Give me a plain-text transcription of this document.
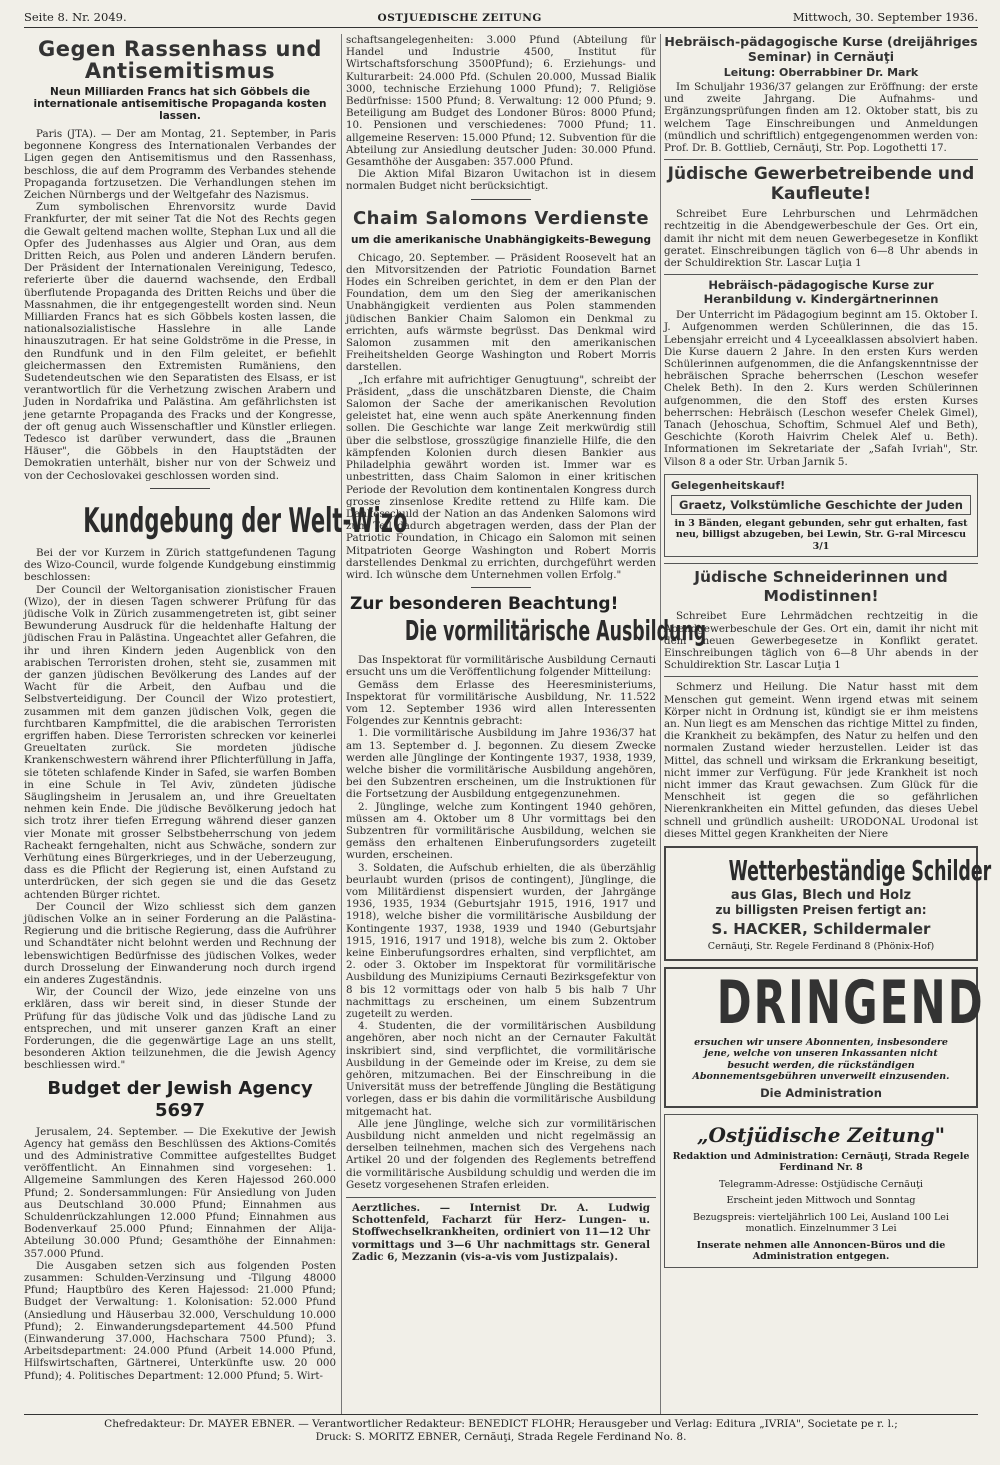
Seite 8. Nr. 2049.	OSTJUEDISCHE ZEITUNG	Mittwoch, 30. September 1936.
Gegen Rassenhass und Antisemitismus
Neun Milliarden Francs hat sich Göbbels die internationale antisemitische Propaganda kosten lassen.

Paris (JTA). — Der am Montag, 21. September, in Paris begonnene Kongress des Internationalen Verbandes der Ligen gegen den Antisemitismus und den Rassenhass, beschloss, die auf dem Programm des Verbandes stehende Propaganda fortzusetzen. Die Verhandlungen stehen im Zeichen Nürnbergs und der Weltgefahr des Nazismus.

Zum symbolischen Ehrenvorsitz wurde David Frankfurter, der mit seiner Tat die Not des Rechts gegen die Gewalt geltend machen wollte, Stephan Lux und all die Opfer des Judenhasses aus Algier und Oran, aus dem Dritten Reich, aus Polen und anderen Ländern berufen. Der Präsident der Internationalen Vereinigung, Tedesco, referierte über die dauernd wachsende, den Erdball überflutende Propaganda des Dritten Reichs und über die Massnahmen, die ihr entgegengestellt worden sind. Neun Milliarden Francs hat es sich Göbbels kosten lassen, die nationalsozialistische Hasslehre in alle Lande hinauszutragen. Er hat seine Goldströme in die Presse, in den Rundfunk und in den Film geleitet, er befiehlt gleichermassen den Extremisten Rumäniens, den Sudetendeutschen wie den Separatisten des Elsass, er ist verantwortlich für die Verhetzung zwischen Arabern und Juden in Nordafrika und Palästina. Am gefährlichsten ist jene getarnte Propaganda des Fracks und der Kongresse, der oft genug auch Wissenschaftler und Künstler erliegen. Tedesco ist darüber verwundert, dass die „Braunen Häuser", die Göbbels in den Hauptstädten der Demokratien unterhält, bisher nur von der Schweiz und von der Cechoslovakei geschlossen worden sind.

Kundgebung der Welt-Wizo

Bei der vor Kurzem in Zürich stattgefundenen Tagung des Wizo-Council, wurde folgende Kundgebung einstimmig beschlossen:

Der Council der Weltorganisation zionistischer Frauen (Wizo), der in diesen Tagen schwerer Prüfung für das jüdische Volk in Zürich zusammengetreten ist, gibt seiner Bewunderung Ausdruck für die heldenhafte Haltung der jüdischen Frau in Palästina. Ungeachtet aller Gefahren, die ihr und ihren Kindern jeden Augenblick von den arabischen Terroristen drohen, steht sie, zusammen mit der ganzen jüdischen Bevölkerung des Landes auf der Wacht für die Arbeit, den Aufbau und die Selbstverteidigung. Der Council der Wizo protestiert, zusammen mit dem ganzen jüdischen Volk, gegen die furchtbaren Kampfmittel, die die arabischen Terroristen ergriffen haben. Diese Terroristen schrecken vor keinerlei Greueltaten zurück. Sie mordeten jüdische Krankenschwestern während ihrer Pflichterfüllung in Jaffa, sie töteten schlafende Kinder in Safed, sie warfen Bomben in eine Schule in Tel Aviv, zündeten jüdische Säuglingsheim in Jerusalem an, und ihre Greueltaten nehmen kein Ende. Die jüdische Bevölkerung jedoch hat sich trotz ihrer tiefen Erregung während dieser ganzen vier Monate mit grosser Selbstbeherrschung von jedem Racheakt ferngehalten, nicht aus Schwäche, sondern zur Verhütung eines Bürgerkrieges, und in der Ueberzeugung, dass es die Pflicht der Regierung ist, einen Aufstand zu unterdrücken, der sich gegen sie und die das Gesetz achtenden Bürger richtet.

Der Council der Wizo schliesst sich dem ganzen jüdischen Volke an in seiner Forderung an die Palästina-Regierung und die britische Regierung, dass die Aufrührer und Schandtäter nicht belohnt werden und Rechnung der lebenswichtigen Bedürfnisse des jüdischen Volkes, weder durch Drosselung der Einwanderung noch durch irgend ein anderes Zugeständnis.

Wir, der Council der Wizo, jede einzelne von uns erklären, dass wir bereit sind, in dieser Stunde der Prüfung für das jüdische Volk und das jüdische Land zu entsprechen, und mit unserer ganzen Kraft an einer Forderungen, die die gegenwärtige Lage an uns stellt, besonderen Aktion teilzunehmen, die die Jewish Agency beschliessen wird."

Budget der Jewish Agency 5697

Jerusalem, 24. September. — Die Exekutive der Jewish Agency hat gemäss den Beschlüssen des Aktions-Comités und des Administrative Committee aufgestelltes Budget veröffentlicht. An Einnahmen sind vorgesehen: 1. Allgemeine Sammlungen des Keren Hajessod 260.000 Pfund; 2. Sondersammlungen: Für Ansiedlung von Juden aus Deutschland 30.000 Pfund; Einnahmen aus Schuldenrückzahlungen 12.000 Pfund; Einnahmen aus Bodenverkauf 25.000 Pfund; Einnahmen der Alija-Abteilung 30.000 Pfund; Gesamthöhe der Einnahmen: 357.000 Pfund.

Die Ausgaben setzen sich aus folgenden Posten zusammen: Schulden-Verzinsung und -Tilgung 48000 Pfund; Hauptbüro des Keren Hajessod: 21.000 Pfund; Budget der Verwaltung: 1. Kolonisation: 52.000 Pfund (Ansiedlung und Häuserbau 32.000, Verschuldung 10.000 Pfund); 2. Einwanderungsdepartement 44.500 Pfund (Einwanderung 37.000, Hachschara 7500 Pfund); 3. Arbeitsdepartment: 24.000 Pfund (Arbeit 14.000 Pfund, Hilfswirtschaften, Gärtnerei, Unterkünfte usw. 20 000 Pfund); 4. Politisches Department: 12.000 Pfund; 5. Wirt-

schaftsangelegenheiten: 3.000 Pfund (Abteilung für Handel und Industrie 4500, Institut für Wirtschaftsforschung 3500Pfund); 6. Erziehungs- und Kulturarbeit: 24.000 Pfd. (Schulen 20.000, Mussad Bialik 3000, technische Erziehung 1000 Pfund); 7. Religiöse Bedürfnisse: 1500 Pfund; 8. Verwaltung: 12 000 Pfund; 9. Beteiligung am Budget des Londoner Büros: 8000 Pfund; 10. Pensionen und verschiedenes: 7000 Pfund; 11. allgemeine Reserven: 15.000 Pfund; 12. Subvention für die Abteilung zur Ansiedlung deutscher Juden: 30.000 Pfund. Gesamthöhe der Ausgaben: 357.000 Pfund.

Die Aktion Mifal Bizaron Uwitachon ist in diesem normalen Budget nicht berücksichtigt.

Chaim Salomons Verdienste
um die amerikanische Unabhängigkeits-Bewegung

Chicago, 20. September. — Präsident Roosevelt hat an den Mitvorsitzenden der Patriotic Foundation Barnet Hodes ein Schreiben gerichtet, in dem er den Plan der Foundation, dem um den Sieg der amerikanischen Unabhängigkeit verdienten aus Polen stammenden jüdischen Bankier Chaim Salomon ein Denkmal zu errichten, aufs wärmste begrüsst. Das Denkmal wird Salomon zusammen mit den amerikanischen Freiheitshelden George Washington und Robert Morris darstellen.

„Ich erfahre mit aufrichtiger Genugtuung", schreibt der Präsident, „dass die unschätzbaren Dienste, die Chaim Salomon der Sache der amerikanischen Revolution geleistet hat, eine wenn auch späte Anerkennung finden sollen. Die Geschichte war lange Zeit merkwürdig still über die selbstlose, grosszügige finanzielle Hilfe, die den kämpfenden Kolonien durch diesen Bankier aus Philadelphia gewährt worden ist. Immer war es unbestritten, dass Chaim Salomon in einer kritischen Periode der Revolution dem kontinentalen Kongress durch grosse zinsenlose Kredite rettend zu Hilfe kam. Die Dankesschuld der Nation an das Andenken Salomons wird zum Teil dadurch abgetragen werden, dass der Plan der Patriotic Foundation, in Chicago ein Salomon mit seinen Mitpatrioten George Washington und Robert Morris darstellendes Denkmal zu errichten, durchgeführt werden wird. Ich wünsche dem Unternehmen vollen Erfolg."

Zur besonderen Beachtung!
Die vormilitärische Ausbildung

Das Inspektorat für vormilitärische Ausbildung Cernauti ersucht uns um die Veröffentlichung folgender Mitteilung:

Gemäss dem Erlasse des Heeresministeriums, Inspektorat für vormilitärische Ausbildung, Nr. 11.522 vom 12. September 1936 wird allen Interessenten Folgendes zur Kenntnis gebracht:

1. Die vormilitärische Ausbildung im Jahre 1936/37 hat am 13. September d. J. begonnen. Zu diesem Zwecke werden alle Jünglinge der Kontingente 1937, 1938, 1939, welche bisher die vormilitärische Ausbildung angehören, bei den Subzentren erscheinen, um die Instruktionen für die Fortsetzung der Ausbildung entgegenzunehmen.

2. Jünglinge, welche zum Kontingent 1940 gehören, müssen am 4. Oktober um 8 Uhr vormittags bei den Subzentren für vormilitärische Ausbildung, welchen sie gemäss den erhaltenen Einberufungsorders zugeteilt wurden, erscheinen.

3. Soldaten, die Aufschub erhielten, die als überzählig beurlaubt wurden (prisos de contingent), Jünglinge, die vom Militärdienst dispensiert wurden, der Jahrgänge 1936, 1935, 1934 (Geburtsjahr 1915, 1916, 1917 und 1918), welche bisher die vormilitärische Ausbildung der Kontingente 1937, 1938, 1939 und 1940 (Geburtsjahr 1915, 1916, 1917 und 1918), welche bis zum 2. Oktober keine Einberufungsordres erhalten, sind verpflichtet, am 2. oder 3. Oktober im Inspektorat für vormilitärische Ausbildung des Munizipiums Cernauti Bezirksgefektur von 8 bis 12 vormittags oder von halb 5 bis halb 7 Uhr nachmittags zu erscheinen, um einem Subzentrum zugeteilt zu werden.

4. Studenten, die der vormilitärischen Ausbildung angehören, aber noch nicht an der Cernauter Fakultät inskribiert sind, sind verpflichtet, die vormilitärische Ausbildung in der Gemeinde oder im Kreise, zu dem sie gehören, mitzumachen. Bei der Einschreibung in die Universität muss der betreffende Jüngling die Bestätigung vorlegen, dass er bis dahin die vormilitärische Ausbildung mitgemacht hat.

Alle jene Jünglinge, welche sich zur vormilitärischen Ausbildung nicht anmelden und nicht regelmässig an derselben teilnehmen, machen sich des Vergehens nach Artikel 20 und der folgenden des Reglements betreffend die vormilitärische Ausbildung schuldig und werden die im Gesetz vorgesehenen Strafen erleiden.

Aerztliches. — Internist Dr. A. Ludwig Schottenfeld, Facharzt für Herz- Lungen- u. Stoffwechselkrankheiten, ordiniert von 11—12 Uhr vormittags und 3—6 Uhr nachmittags str. General Zadic 6, Mezzanin (vis-a-vis vom Justizpalais).

Hebräisch-pädagogische Kurse (dreijähriges Seminar) in Cernăuţi
Leitung: Oberrabbiner Dr. Mark

Im Schuljahr 1936/37 gelangen zur Eröffnung: der erste und zweite Jahrgang. Die Aufnahms- und Ergänzungsprüfungen finden am 12. Oktober statt, bis zu welchem Tage Einschreibungen und Anmeldungen (mündlich und schriftlich) entgegengenommen werden von: Prof. Dr. B. Gottlieb, Cernăuţi, Str. Pop. Logothetti 17.

Jüdische Gewerbetreibende und Kaufleute!

Schreibet Eure Lehrburschen und Lehrmädchen rechtzeitig in die Abendgewerbeschule der Ges. Ort ein, damit ihr nicht mit dem neuen Gewerbegesetze in Konflikt geratet. Einschreibungen täglich von 6—8 Uhr abends in der Schuldirektion Str. Lascar Luţia 1

Hebräisch-pädagogische Kurse zur Heranbildung v. Kindergärtnerinnen

Der Unterricht im Pädagogium beginnt am 15. Oktober I. J. Aufgenommen werden Schülerinnen, die das 15. Lebensjahr erreicht und 4 Lyceealklassen absolviert haben. Die Kurse dauern 2 Jahre. In den ersten Kurs werden Schülerinnen aufgenommen, die die Anfangskenntnisse der hebräischen Sprache beherrschen (Leschon wesefer Chelek Beth). In den 2. Kurs werden Schülerinnen aufgenommen, die den Stoff des ersten Kurses beherrschen: Hebräisch (Leschon wesefer Chelek Gimel), Tanach (Jehoschua, Schoftim, Schmuel Alef und Beth), Geschichte (Koroth Haivrim Chelek Alef u. Beth). Informationen im Sekretariate der „Safah Ivriah", Str. Vilson 8 a oder Str. Urban Jarnik 5.

Gelegenheitskauf!
Graetz, Volkstümliche Geschichte der Juden
in 3 Bänden, elegant gebunden, sehr gut erhalten, fast neu, billigst abzugeben, bei Lewin, Str. G-ral Mircescu 3/1
Jüdische Schneiderinnen und Modistinnen!

Schreibet Eure Lehrmädchen rechtzeitig in die Abendgewerbeschule der Ges. Ort ein, damit ihr nicht mit dem neuen Gewerbegesetze in Konflikt geratet. Einschreibungen täglich von 6—8 Uhr abends in der Schuldirektion Str. Lascar Luţia 1

Schmerz und Heilung. Die Natur hasst mit dem Menschen gut gemeint. Wenn irgend etwas mit seinem Körper nicht in Ordnung ist, kündigt sie er ihm meistens an. Nun liegt es am Menschen das richtige Mittel zu finden, die Krankheit zu bekämpfen, des Natur zu helfen und den normalen Zustand wieder herzustellen. Leider ist das Mittel, das schnell und wirksam die Erkrankung beseitigt, nicht immer zur Verfügung. Für jede Krankheit ist noch nicht immer das Kraut gewachsen. Zum Glück für die Menschheit ist gegen die so gefährlichen Nierenkrankheiten ein Mittel gefunden, das dieses Uebel schnell und gründlich ausheilt: URODONAL Urodonal ist dieses Mittel gegen Krankheiten der Niere

Wetterbeständige Schilder
aus Glas, Blech und Holz
zu billigsten Preisen fertigt an:
S. HACKER, Schildermaler
Cernăuţi, Str. Regele Ferdinand 8 (Phönix-Hof)
DRINGEND
ersuchen wir unsere Abonnenten, insbesondere jene, welche von unseren Inkassanten nicht besucht werden, die rückständigen Abonnementsgebühren unverweilt einzusenden.
Die Administration
„Ostjüdische Zeitung"
Redaktion und Administration: Cernăuţi, Strada Regele Ferdinand Nr. 8
Telegramm-Adresse: Ostjüdische Cernăuţi
Erscheint jeden Mittwoch und Sonntag
Bezugspreis: vierteljährlich 100 Lei, Ausland 100 Lei monatlich. Einzelnummer 3 Lei
Inserate nehmen alle Annoncen-Büros und die Administration entgegen.
Chefredakteur: Dr. MAYER EBNER. — Verantwortlicher Redakteur: BENEDICT FLOHR; Herausgeber und Verlag: Editura „IVRIA", Societate pe r. l.;
Druck: S. MORITZ EBNER, Cernăuţi, Strada Regele Ferdinand No. 8.
